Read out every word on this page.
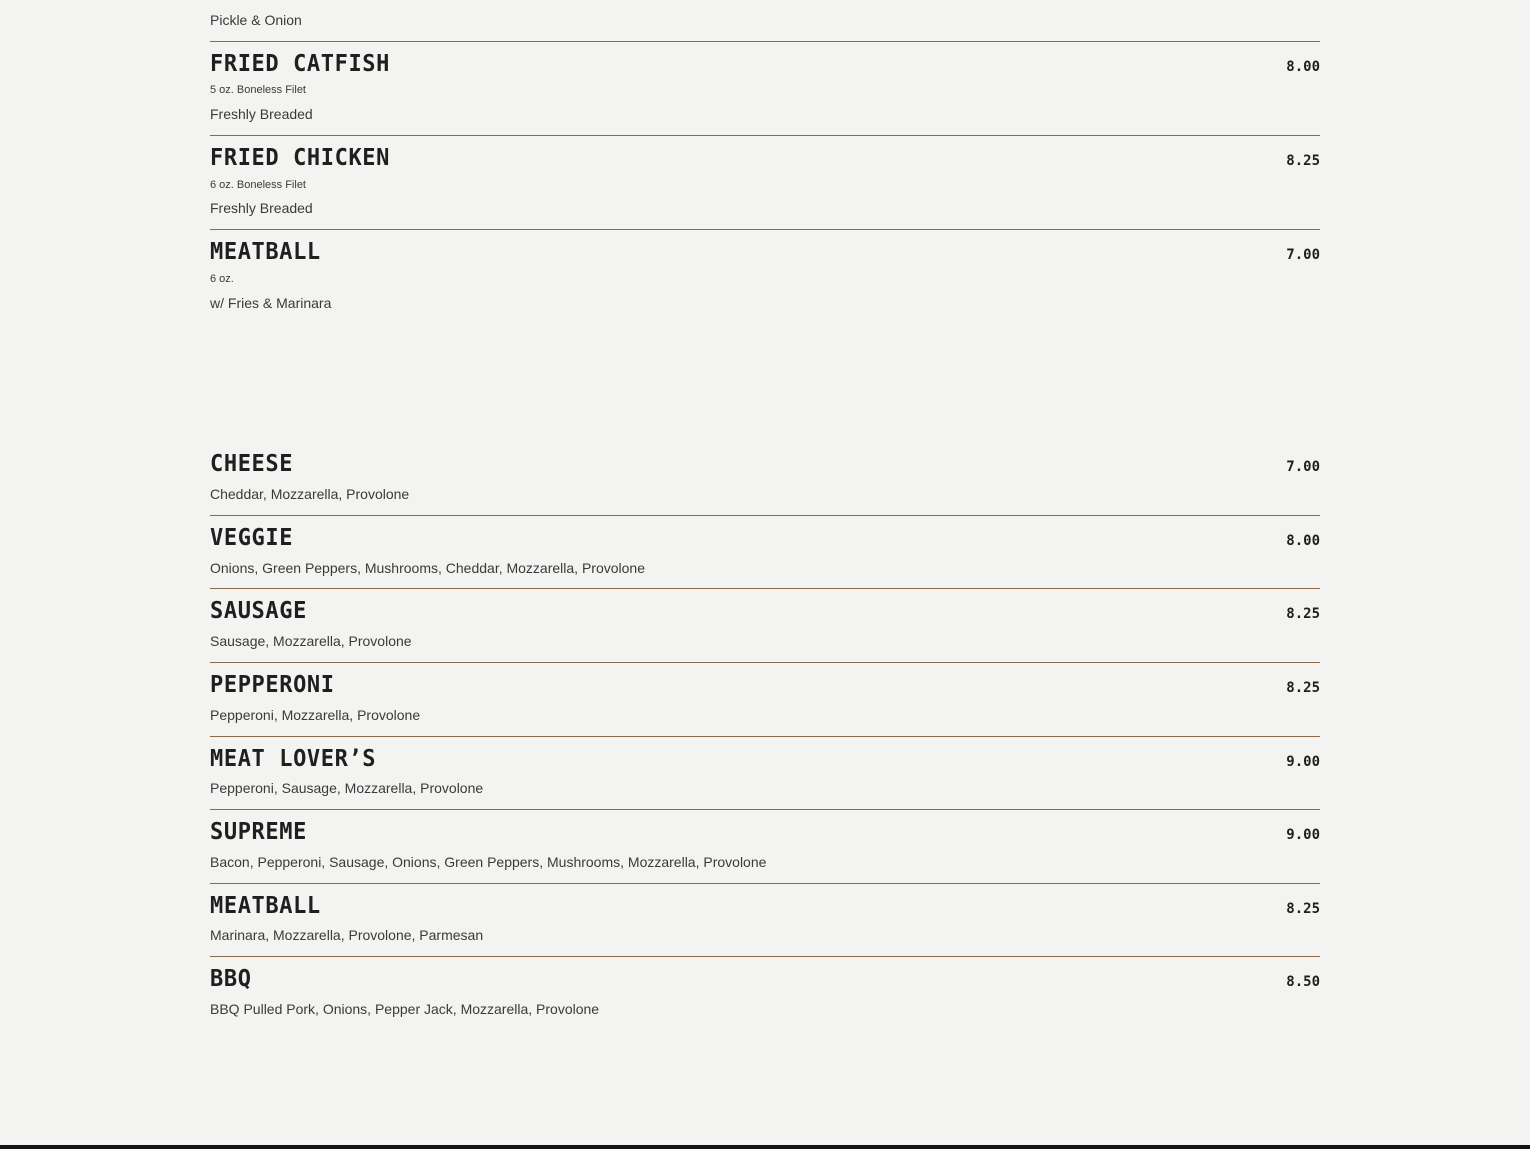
Pickle & Onion
FRIED CATFISH	8.00
5 oz. Boneless Filet
Freshly Breaded
FRIED CHICKEN	8.25
6 oz. Boneless Filet
Freshly Breaded
MEATBALL	7.00
6 oz.
w/ Fries & Marinara
CHEESE	7.00
Cheddar, Mozzarella, Provolone
VEGGIE	8.00
Onions, Green Peppers, Mushrooms, Cheddar, Mozzarella, Provolone
SAUSAGE	8.25
Sausage, Mozzarella, Provolone
PEPPERONI	8.25
Pepperoni, Mozzarella, Provolone
MEAT LOVER’S	9.00
Pepperoni, Sausage, Mozzarella, Provolone
SUPREME	9.00
Bacon, Pepperoni, Sausage, Onions, Green Peppers, Mushrooms, Mozzarella, Provolone
MEATBALL	8.25
Marinara, Mozzarella, Provolone, Parmesan
BBQ	8.50
BBQ Pulled Pork, Onions, Pepper Jack, Mozzarella, Provolone
